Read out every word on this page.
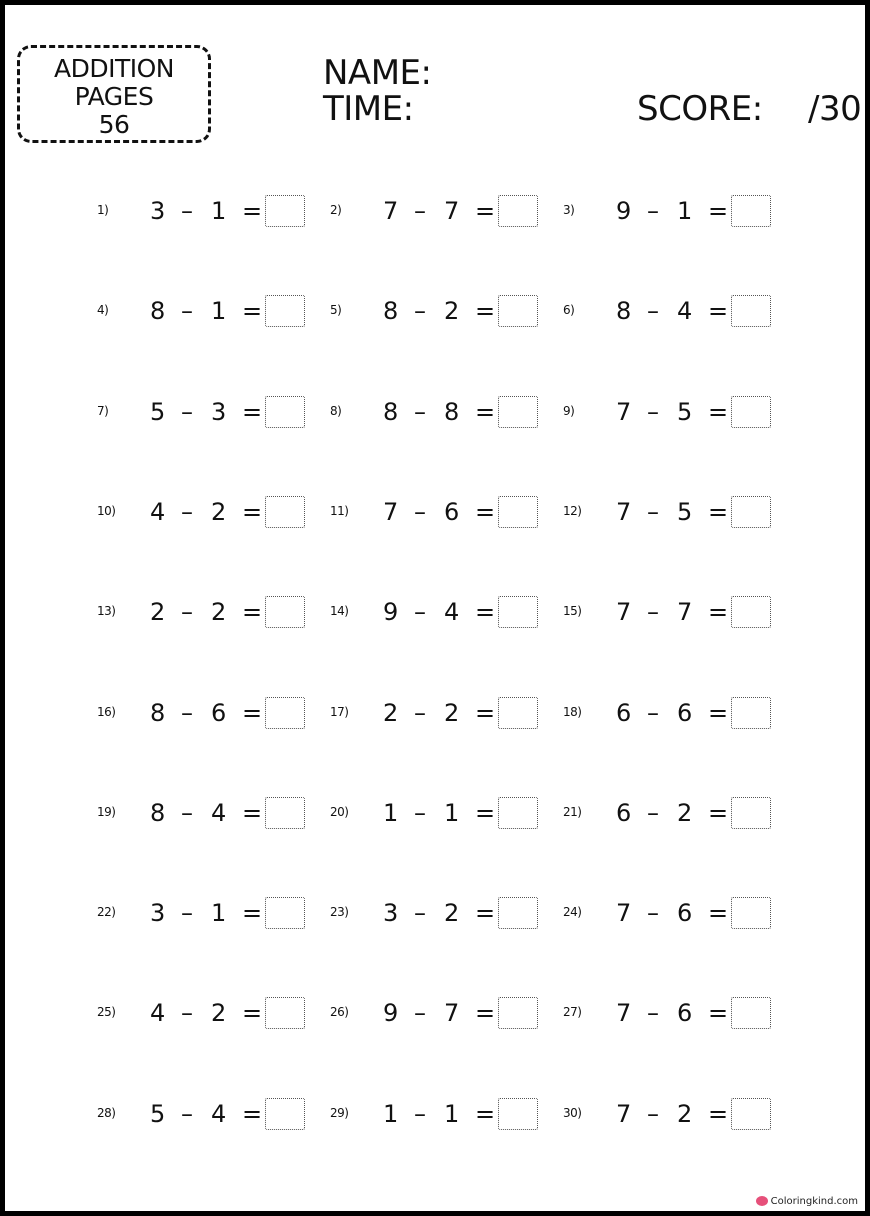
ADDITION
PAGES
56
NAME:
TIME:	SCORE: /30
1)	3 – 1 =	2)	7 – 7 =	3)	9 – 1 =
4)	8 – 1 =	5)	8 – 2 =	6)	8 – 4 =
7)	5 – 3 =	8)	8 – 8 =	9)	7 – 5 =
10)	4 – 2 =	11)	7 – 6 =	12)	7 – 5 =
13)	2 – 2 =	14)	9 – 4 =	15)	7 – 7 =
16)	8 – 6 =	17)	2 – 2 =	18)	6 – 6 =
19)	8 – 4 =	20)	1 – 1 =	21)	6 – 2 =
22)	3 – 1 =	23)	3 – 2 =	24)	7 – 6 =
25)	4 – 2 =	26)	9 – 7 =	27)	7 – 6 =
28)	5 – 4 =	29)	1 – 1 =	30)	7 – 2 =
Coloringkind.com
